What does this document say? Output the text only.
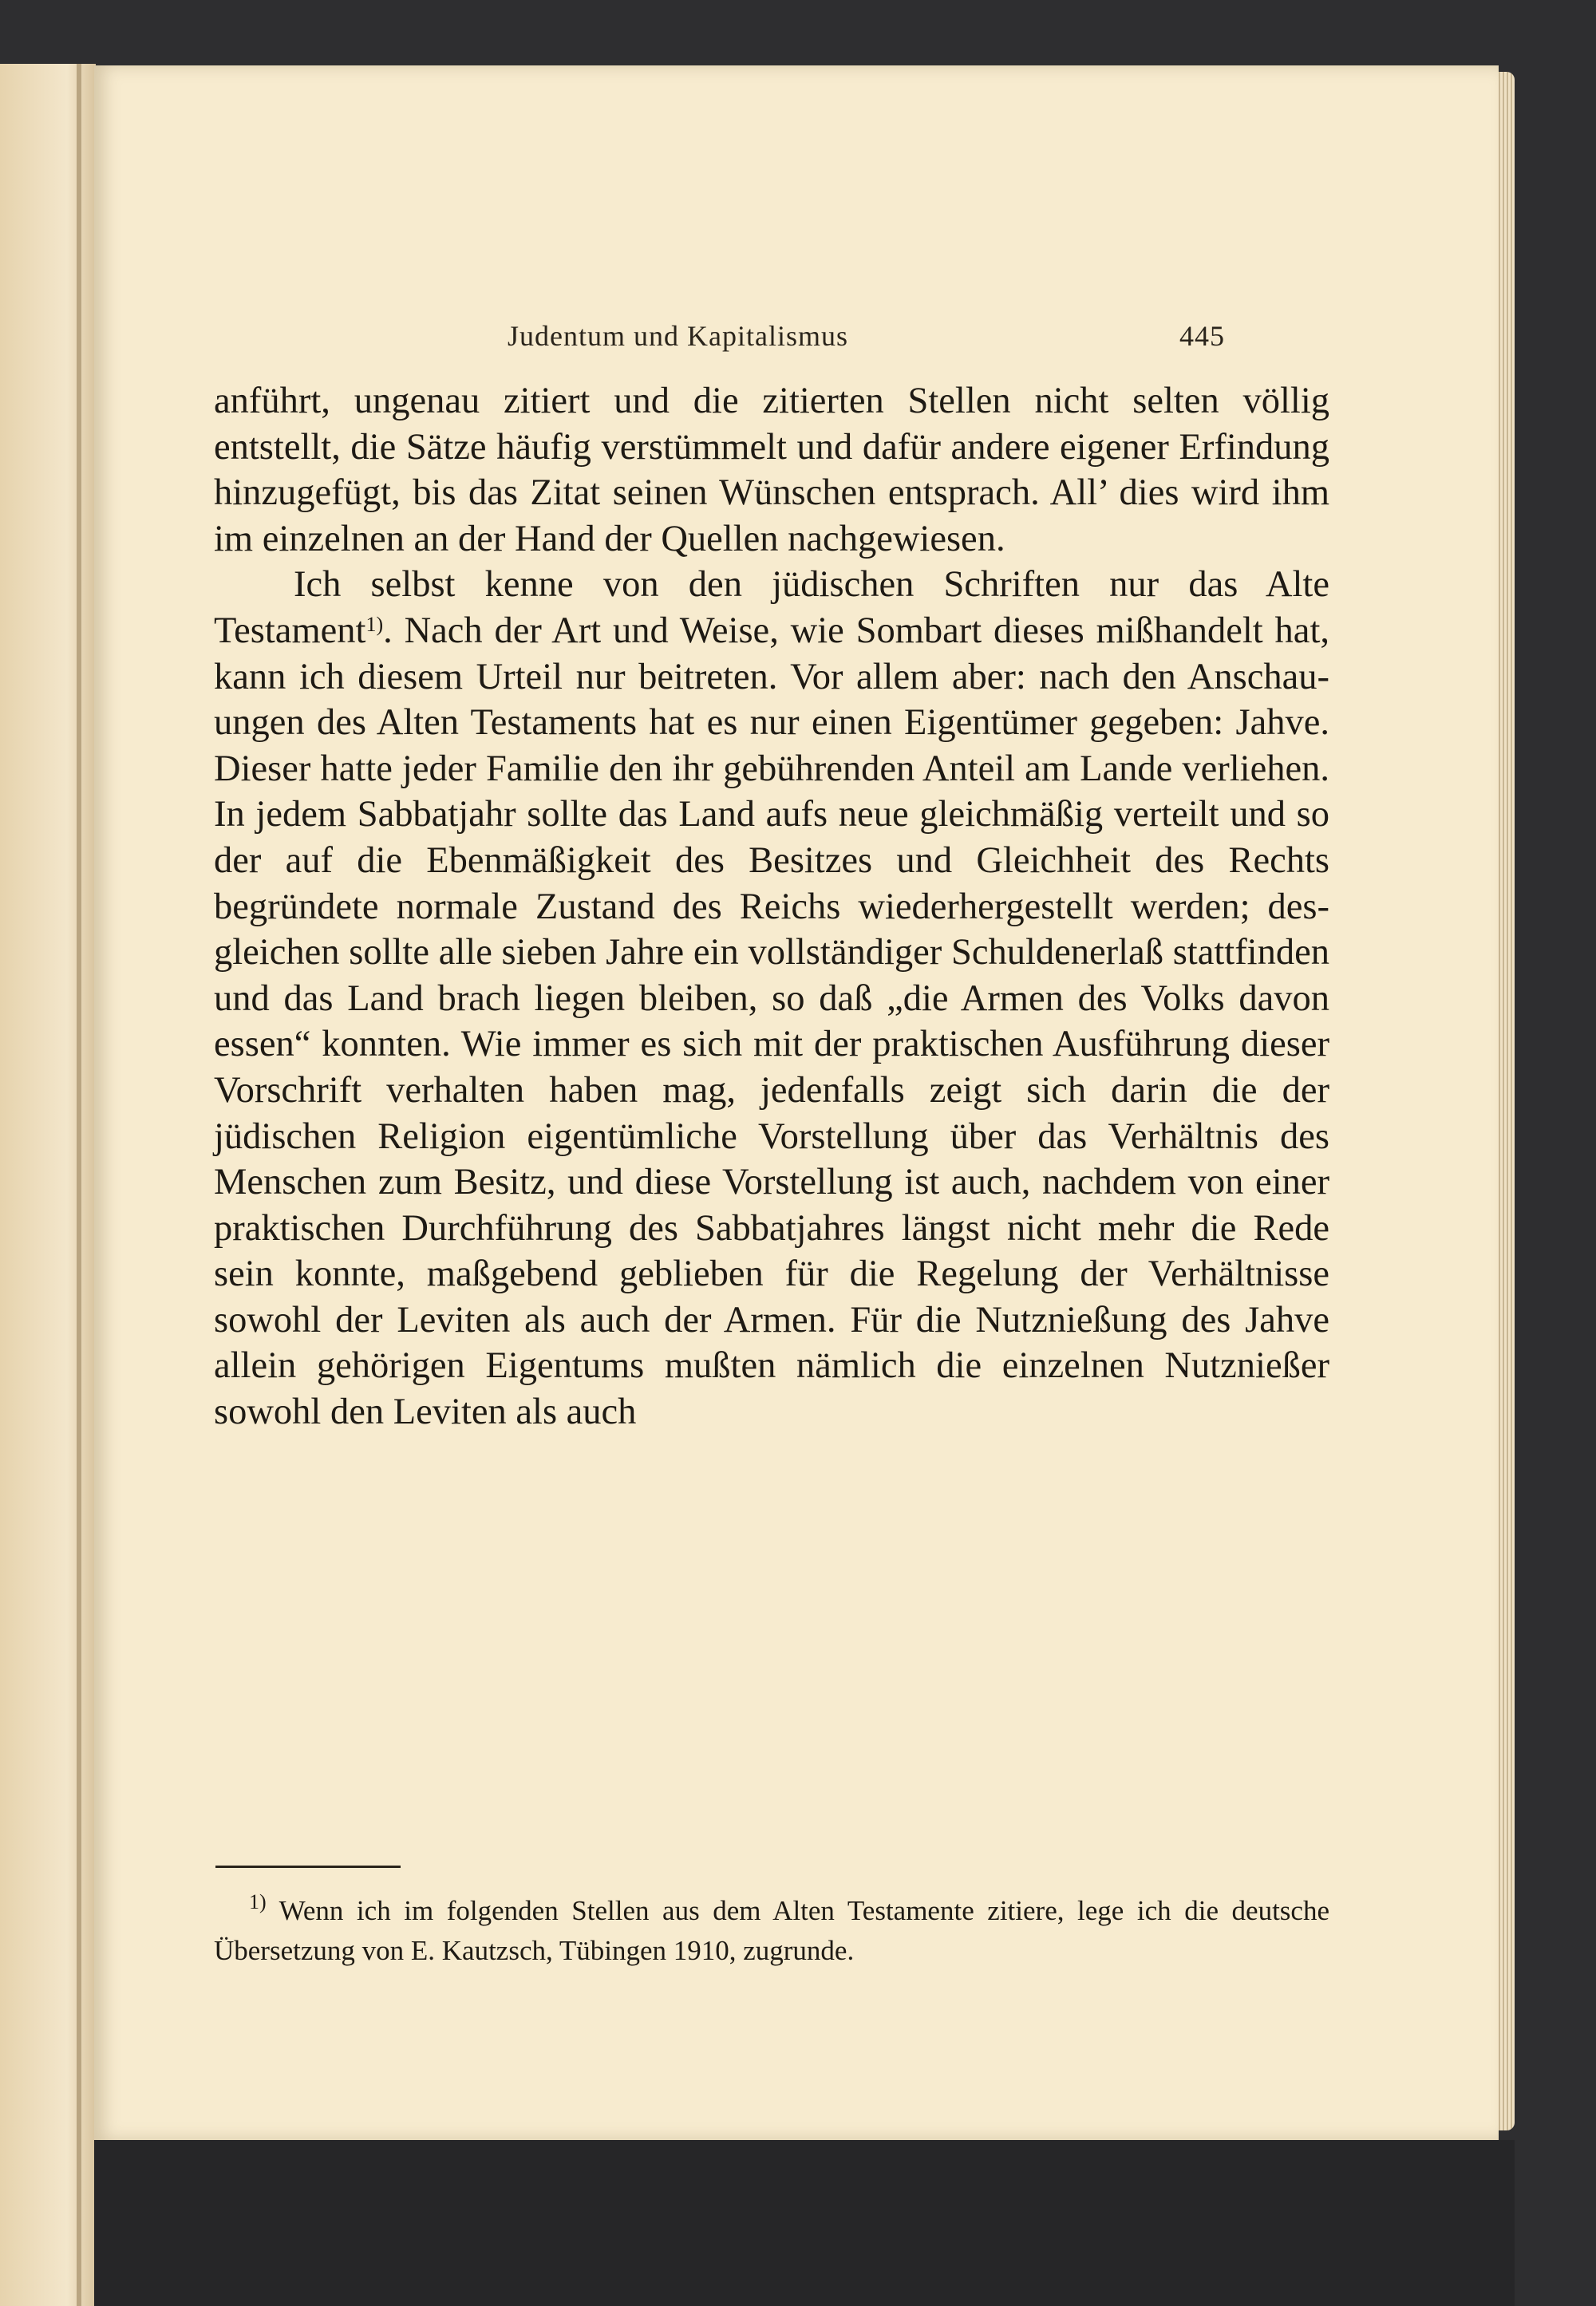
Judentum und Kapitalismus	445

anführt, ungenau zitiert und die zitierten Stellen nicht selten völlig entstellt, die Sätze häufig verstümmelt und dafür andere eigener Erfindung hinzugefügt, bis das Zitat seinen Wünschen entsprach. All’ dies wird ihm im einzelnen an der Hand der Quellen nachgewiesen.

Ich selbst kenne von den jüdischen Schriften nur das Alte Testament$^{1)}$. Nach der Art und Weise, wie Sombart dieses mißhandelt hat, kann ich diesem Urteil nur beitreten. Vor allem aber: nach den Anschauungen des Alten Testaments hat es nur einen Eigentümer gegeben: Jahve. Dieser hatte jeder Familie den ihr gebührenden Anteil am Lande verliehen. In jedem Sabbatjahr sollte das Land aufs neue gleichmäßig verteilt und so der auf die Ebenmäßigkeit des Besitzes und Gleichheit des Rechts begründete normale Zustand des Reichs wiederhergestellt werden; desgleichen sollte alle sieben Jahre ein vollständiger Schuldenerlaß stattfinden und das Land brach liegen bleiben, so daß „die Armen des Volks davon essen“ konnten. Wie immer es sich mit der praktischen Ausführung dieser Vorschrift verhalten haben mag, jedenfalls zeigt sich darin die der jüdischen Religion eigentümliche Vorstellung über das Verhältnis des Menschen zum Besitz, und diese Vorstellung ist auch, nachdem von einer praktischen Durchführung des Sabbatjahres längst nicht mehr die Rede sein konnte, maßgebend geblieben für die Regelung der Verhältnisse sowohl der Leviten als auch der Armen. Für die Nutznießung des Jahve allein gehörigen Eigentums mußten nämlich die einzelnen Nutznießer sowohl den Leviten als auch

$^{1)}$ Wenn ich im folgenden Stellen aus dem Alten Testamente zitiere, lege ich die deutsche Übersetzung von E. Kautzsch, Tübingen 1910, zugrunde.
